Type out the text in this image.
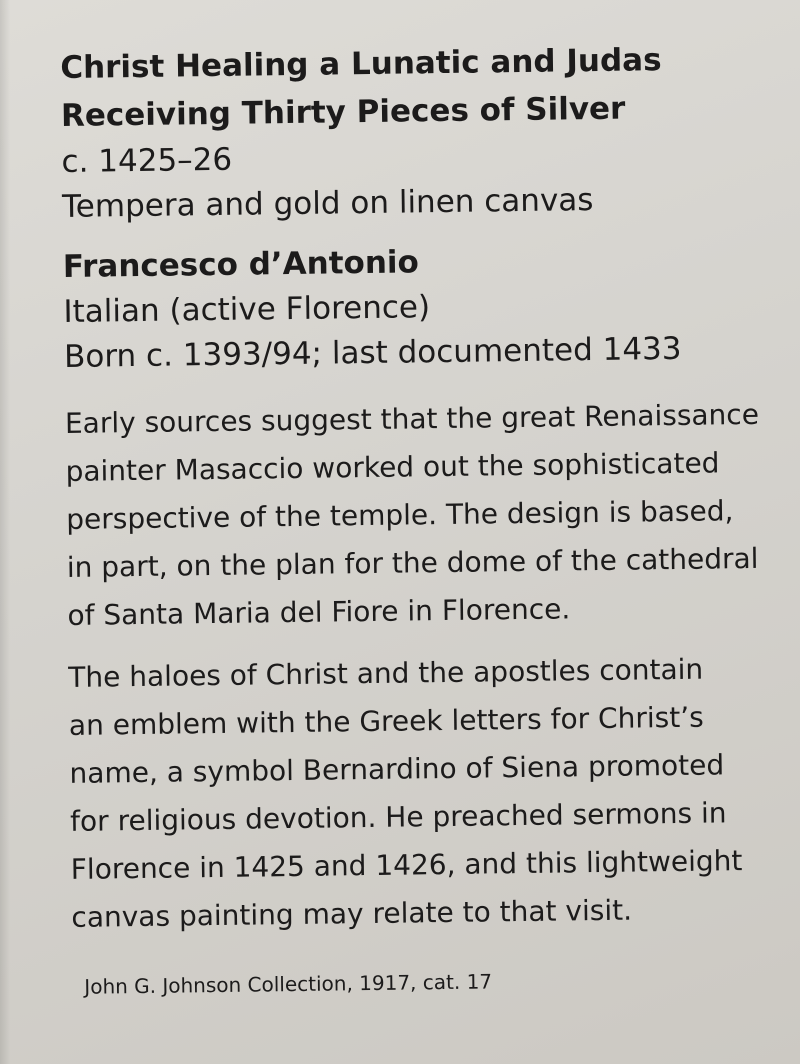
Christ Healing a Lunatic and Judas

Receiving Thirty Pieces of Silver

c. 1425–26

Tempera and gold on linen canvas

Francesco d’Antonio

Italian (active Florence)

Born c. 1393/94; last documented 1433

Early sources suggest that the great Renaissance

painter Masaccio worked out the sophisticated

perspective of the temple. The design is based,

in part, on the plan for the dome of the cathedral

of Santa Maria del Fiore in Florence.

The haloes of Christ and the apostles contain

an emblem with the Greek letters for Christ’s

name, a symbol Bernardino of Siena promoted

for religious devotion. He preached sermons in

Florence in 1425 and 1426, and this lightweight

canvas painting may relate to that visit.

John G. Johnson Collection, 1917, cat. 17
